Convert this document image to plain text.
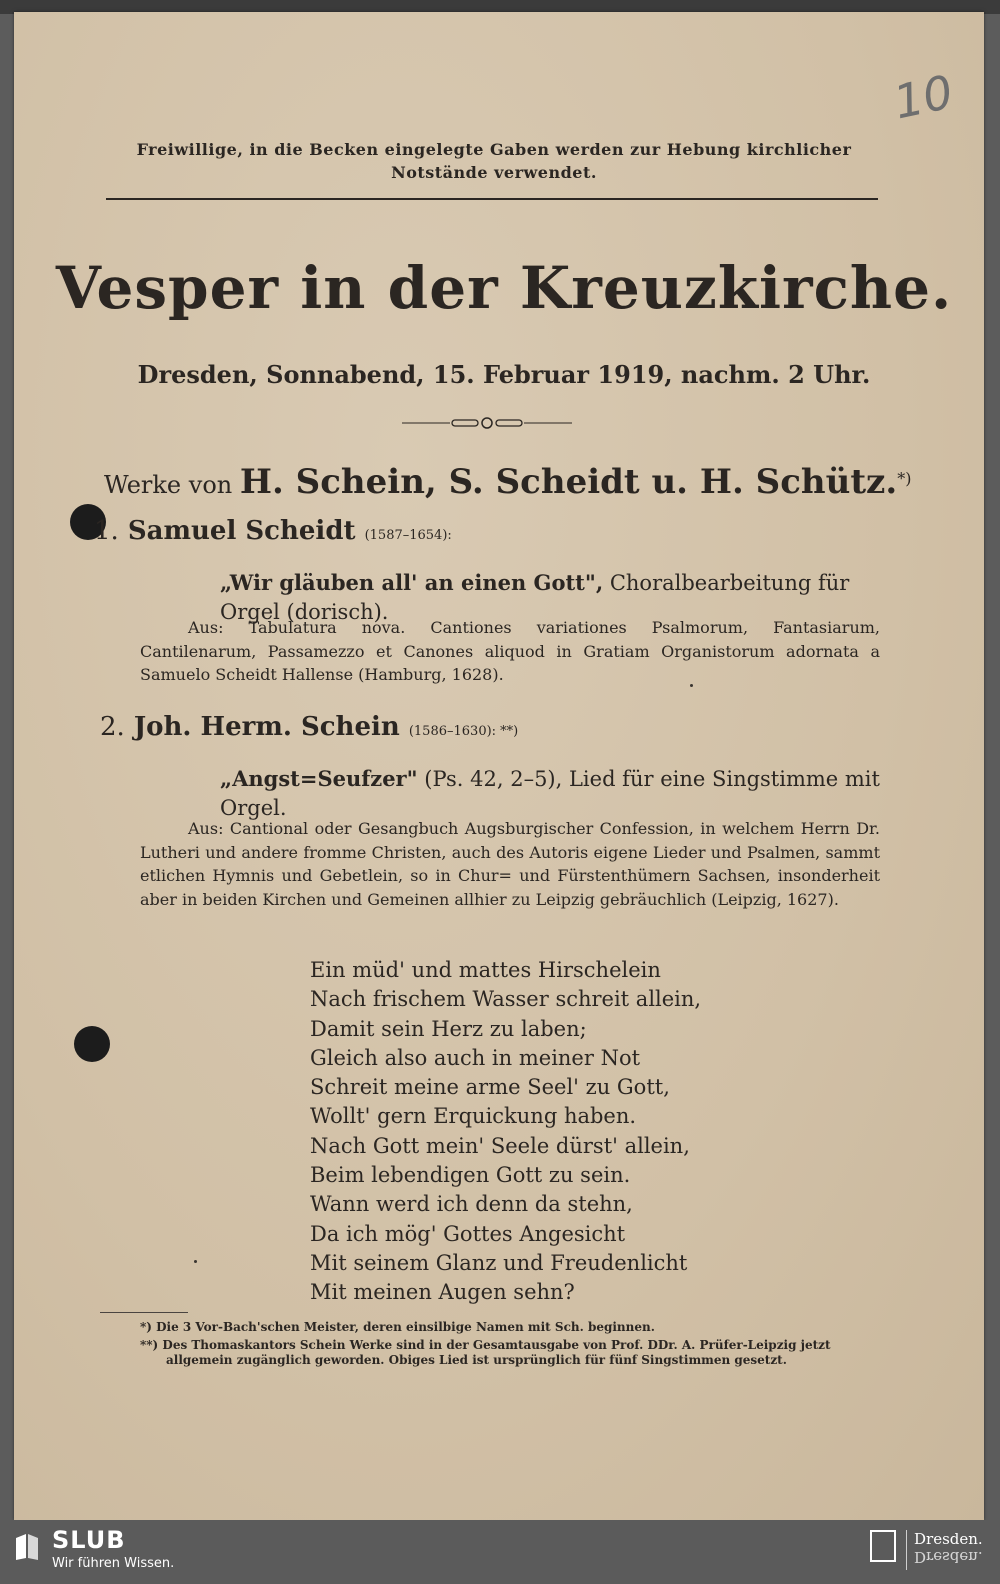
10
Freiwillige, in die Becken eingelegte Gaben werden zur Hebung kirchlicher Notstände verwendet.
Vesper in der Kreuzkirche.
Dresden, Sonnabend, 15. Februar 1919, nachm. 2 Uhr.
Werke von H. Schein, S. Scheidt u. H. Schütz.*)
1. Samuel Scheidt (1587–1654):
„Wir gläuben all' an einen Gott", Choralbearbeitung für Orgel (dorisch).
Aus: Tabulatura nova. Cantiones variationes Psalmorum, Fantasiarum, Cantilenarum, Passamezzo et Canones aliquod in Gratiam Organistorum adornata a Samuelo Scheidt Hallense (Hamburg, 1628).
2. Joh. Herm. Schein (1586–1630): **)
„Angst=Seufzer" (Ps. 42, 2–5), Lied für eine Singstimme mit Orgel.
Aus: Cantional oder Gesangbuch Augsburgischer Confession, in welchem Herrn Dr. Lutheri und andere fromme Christen, auch des Autoris eigene Lieder und Psalmen, sammt etlichen Hymnis und Gebetlein, so in Chur= und Fürstenthümern Sachsen, insonderheit aber in beiden Kirchen und Gemeinen allhier zu Leipzig gebräuchlich (Leipzig, 1627).
Ein müd' und mattes Hirschelein
Nach frischem Wasser schreit allein,
Damit sein Herz zu laben;
Gleich also auch in meiner Not
Schreit meine arme Seel' zu Gott,
Wollt' gern Erquickung haben.
Nach Gott mein' Seele dürst' allein,
Beim lebendigen Gott zu sein.
Wann werd ich denn da stehn,
Da ich mög' Gottes Angesicht
Mit seinem Glanz und Freudenlicht
Mit meinen Augen sehn?
*) Die 3 Vor-Bach'schen Meister, deren einsilbige Namen mit Sch. beginnen.
**) Des Thomaskantors Schein Werke sind in der Gesamtausgabe von Prof. DDr. A. Prüfer-Leipzig jetzt allgemein zugänglich geworden. Obiges Lied ist ursprünglich für fünf Singstimmen gesetzt.
SLUB
Wir führen Wissen.
Dresden.
Dresden.
